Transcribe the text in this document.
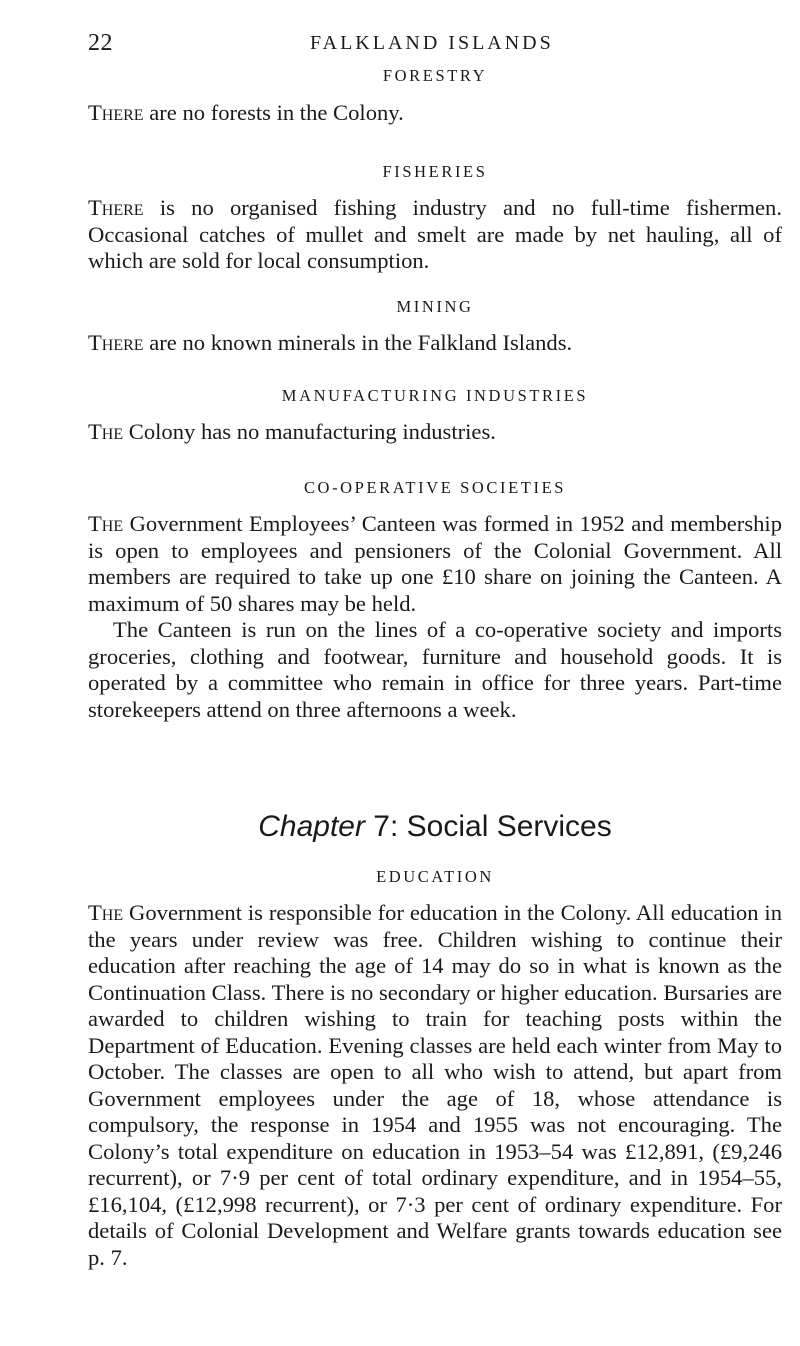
22	FALKLAND ISLANDS
FORESTRY

There are no forests in the Colony.

FISHERIES

There is no organised fishing industry and no full-time fishermen. Occasional catches of mullet and smelt are made by net hauling, all of which are sold for local consumption.

MINING

There are no known minerals in the Falkland Islands.

MANUFACTURING INDUSTRIES

The Colony has no manufacturing industries.

CO-OPERATIVE SOCIETIES

The Government Employees’ Canteen was formed in 1952 and membership is open to employees and pensioners of the Colonial Government. All members are required to take up one £10 share on joining the Canteen. A maximum of 50 shares may be held.

The Canteen is run on the lines of a co-operative society and imports groceries, clothing and footwear, furniture and household goods. It is operated by a committee who remain in office for three years. Part-time storekeepers attend on three afternoons a week.

Chapter 7: Social Services
EDUCATION

The Government is responsible for education in the Colony. All education in the years under review was free. Children wishing to continue their education after reaching the age of 14 may do so in what is known as the Continuation Class. There is no secondary or higher education. Bursaries are awarded to children wishing to train for teaching posts within the Department of Education. Evening classes are held each winter from May to October. The classes are open to all who wish to attend, but apart from Government employees under the age of 18, whose attendance is compulsory, the response in 1954 and 1955 was not encouraging. The Colony’s total expenditure on education in 1953–54 was £12,891, (£9,246 recurrent), or 7·9 per cent of total ordinary expenditure, and in 1954–55, £16,104, (£12,998 recurrent), or 7·3 per cent of ordinary expenditure. For details of Colonial Development and Welfare grants towards education see p. 7.
